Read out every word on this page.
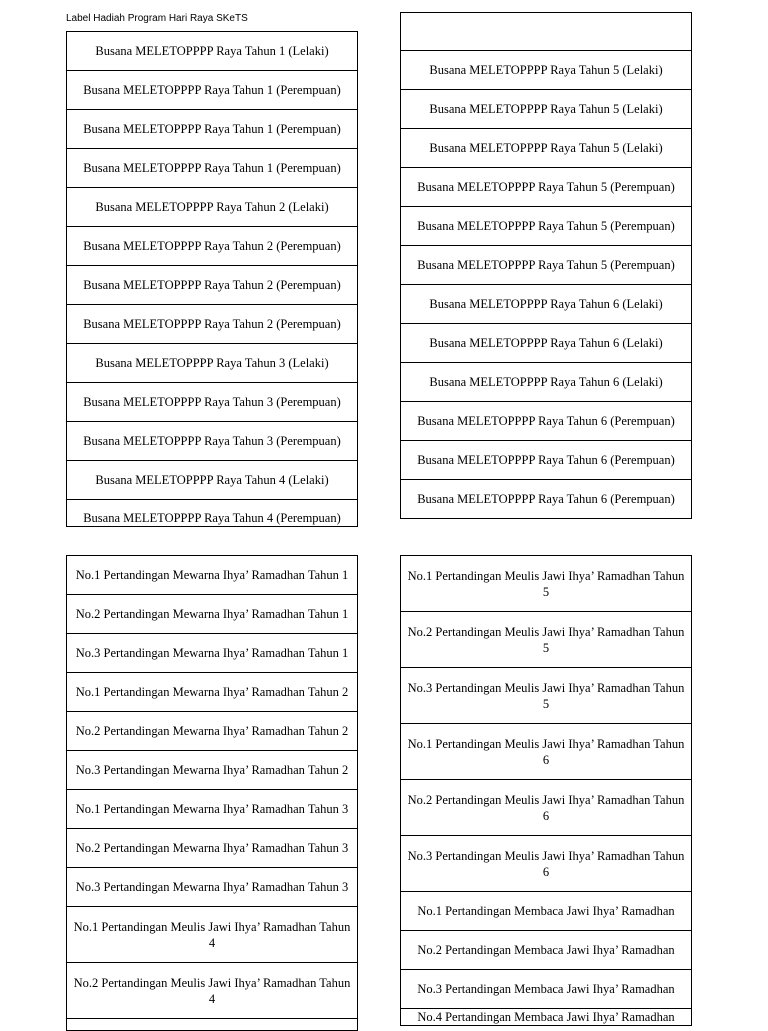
Label Hadiah Program Hari Raya SKeTS
Busana MELETOPPPP Raya Tahun 1 (Lelaki)
Busana MELETOPPPP Raya Tahun 1 (Perempuan)
Busana MELETOPPPP Raya Tahun 1 (Perempuan)
Busana MELETOPPPP Raya Tahun 1 (Perempuan)
Busana MELETOPPPP Raya Tahun 2 (Lelaki)
Busana MELETOPPPP Raya Tahun 2 (Perempuan)
Busana MELETOPPPP Raya Tahun 2 (Perempuan)
Busana MELETOPPPP Raya Tahun 2 (Perempuan)
Busana MELETOPPPP Raya Tahun 3 (Lelaki)
Busana MELETOPPPP Raya Tahun 3 (Perempuan)
Busana MELETOPPPP Raya Tahun 3 (Perempuan)
Busana MELETOPPPP Raya Tahun 4 (Lelaki)
Busana MELETOPPPP Raya Tahun 4 (Perempuan)

Busana MELETOPPPP Raya Tahun 5 (Lelaki)
Busana MELETOPPPP Raya Tahun 5 (Lelaki)
Busana MELETOPPPP Raya Tahun 5 (Lelaki)
Busana MELETOPPPP Raya Tahun 5 (Perempuan)
Busana MELETOPPPP Raya Tahun 5 (Perempuan)
Busana MELETOPPPP Raya Tahun 5 (Perempuan)
Busana MELETOPPPP Raya Tahun 6 (Lelaki)
Busana MELETOPPPP Raya Tahun 6 (Lelaki)
Busana MELETOPPPP Raya Tahun 6 (Lelaki)
Busana MELETOPPPP Raya Tahun 6 (Perempuan)
Busana MELETOPPPP Raya Tahun 6 (Perempuan)
Busana MELETOPPPP Raya Tahun 6 (Perempuan)
No.1 Pertandingan Mewarna Ihya’ Ramadhan Tahun 1
No.2 Pertandingan Mewarna Ihya’ Ramadhan Tahun 1
No.3 Pertandingan Mewarna Ihya’ Ramadhan Tahun 1
No.1 Pertandingan Mewarna Ihya’ Ramadhan Tahun 2
No.2 Pertandingan Mewarna Ihya’ Ramadhan Tahun 2
No.3 Pertandingan Mewarna Ihya’ Ramadhan Tahun 2
No.1 Pertandingan Mewarna Ihya’ Ramadhan Tahun 3
No.2 Pertandingan Mewarna Ihya’ Ramadhan Tahun 3
No.3 Pertandingan Mewarna Ihya’ Ramadhan Tahun 3
No.1 Pertandingan Meulis Jawi Ihya’ Ramadhan Tahun 4
No.2 Pertandingan Meulis Jawi Ihya’ Ramadhan Tahun 4

No.1 Pertandingan Meulis Jawi Ihya’ Ramadhan Tahun 5
No.2 Pertandingan Meulis Jawi Ihya’ Ramadhan Tahun 5
No.3 Pertandingan Meulis Jawi Ihya’ Ramadhan Tahun 5
No.1 Pertandingan Meulis Jawi Ihya’ Ramadhan Tahun 6
No.2 Pertandingan Meulis Jawi Ihya’ Ramadhan Tahun 6
No.3 Pertandingan Meulis Jawi Ihya’ Ramadhan Tahun 6
No.1 Pertandingan Membaca Jawi Ihya’ Ramadhan
No.2 Pertandingan Membaca Jawi Ihya’ Ramadhan
No.3 Pertandingan Membaca Jawi Ihya’ Ramadhan
No.4 Pertandingan Membaca Jawi Ihya’ Ramadhan
